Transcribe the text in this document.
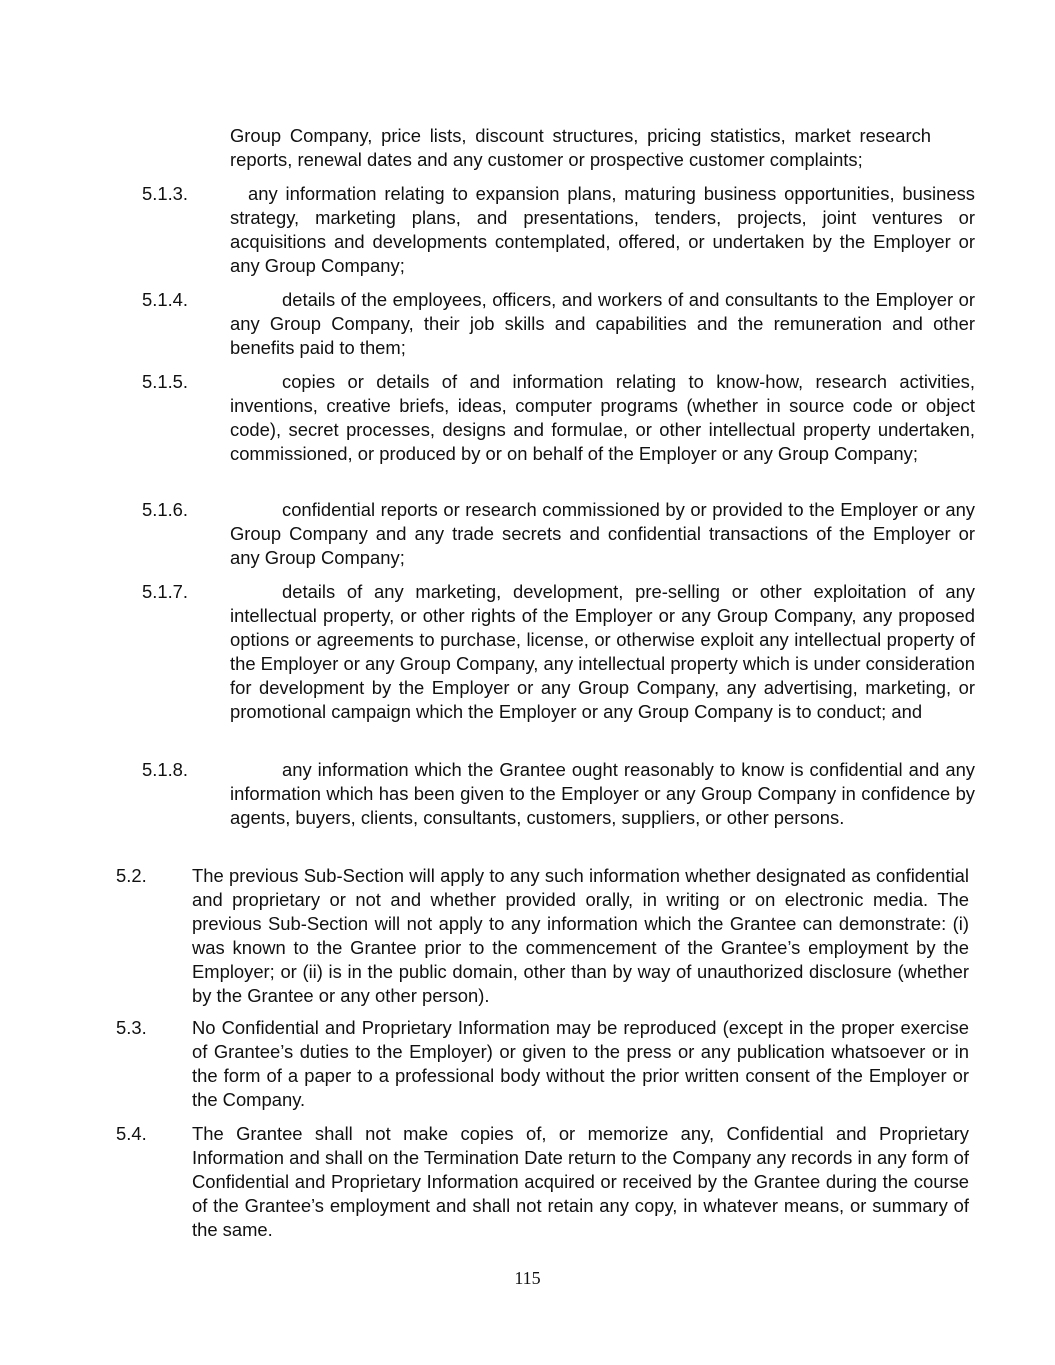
Group Company, price lists, discount structures, pricing statistics, market research reports, renewal dates and any customer or prospective customer complaints;

5.1.3.	any information relating to expansion plans, maturing business opportunities, business strategy, marketing plans, and presentations, tenders, projects, joint ventures or acquisitions and developments contemplated, offered, or undertaken by the Employer or any Group Company;

5.1.4.	details of the employees, officers, and workers of and consultants to the Employer or any Group Company, their job skills and capabilities and the remuneration and other benefits paid to them;

5.1.5.	copies or details of and information relating to know-how, research activities, inventions, creative briefs, ideas, computer programs (whether in source code or object code), secret processes, designs and formulae, or other intellectual property undertaken, commissioned, or produced by or on behalf of the Employer or any Group Company;

5.1.6.	confidential reports or research commissioned by or provided to the Employer or any Group Company and any trade secrets and confidential transactions of the Employer or any Group Company;

5.1.7.	details of any marketing, development, pre-selling or other exploitation of any intellectual property, or other rights of the Employer or any Group Company, any proposed options or agreements to purchase, license, or otherwise exploit any intellectual property of the Employer or any Group Company, any intellectual property which is under consideration for development by the Employer or any Group Company, any advertising, marketing, or promotional campaign which the Employer or any Group Company is to conduct; and

5.1.8.	any information which the Grantee ought reasonably to know is confidential and any information which has been given to the Employer or any Group Company in confidence by agents, buyers, clients, consultants, customers, suppliers, or other persons.

5.2. The previous Sub-Section will apply to any such information whether designated as confidential and proprietary or not and whether provided orally, in writing or on electronic media. The previous Sub-Section will not apply to any information which the Grantee can demonstrate: (i) was known to the Grantee prior to the commencement of the Grantee’s employment by the Employer; or (ii) is in the public domain, other than by way of unauthorized disclosure (whether by the Grantee or any other person).

5.3. No Confidential and Proprietary Information may be reproduced (except in the proper exercise of Grantee’s duties to the Employer) or given to the press or any publication whatsoever or in the form of a paper to a professional body without the prior written consent of the Employer or the Company.

5.4.The Grantee shall not make copies of, or memorize any, Confidential and Proprietary Information and shall on the Termination Date return to the Company any records in any form of Confidential and Proprietary Information acquired or received by the Grantee during the course of the Grantee’s employment and shall not retain any copy, in whatever means, or summary of the same.

115
